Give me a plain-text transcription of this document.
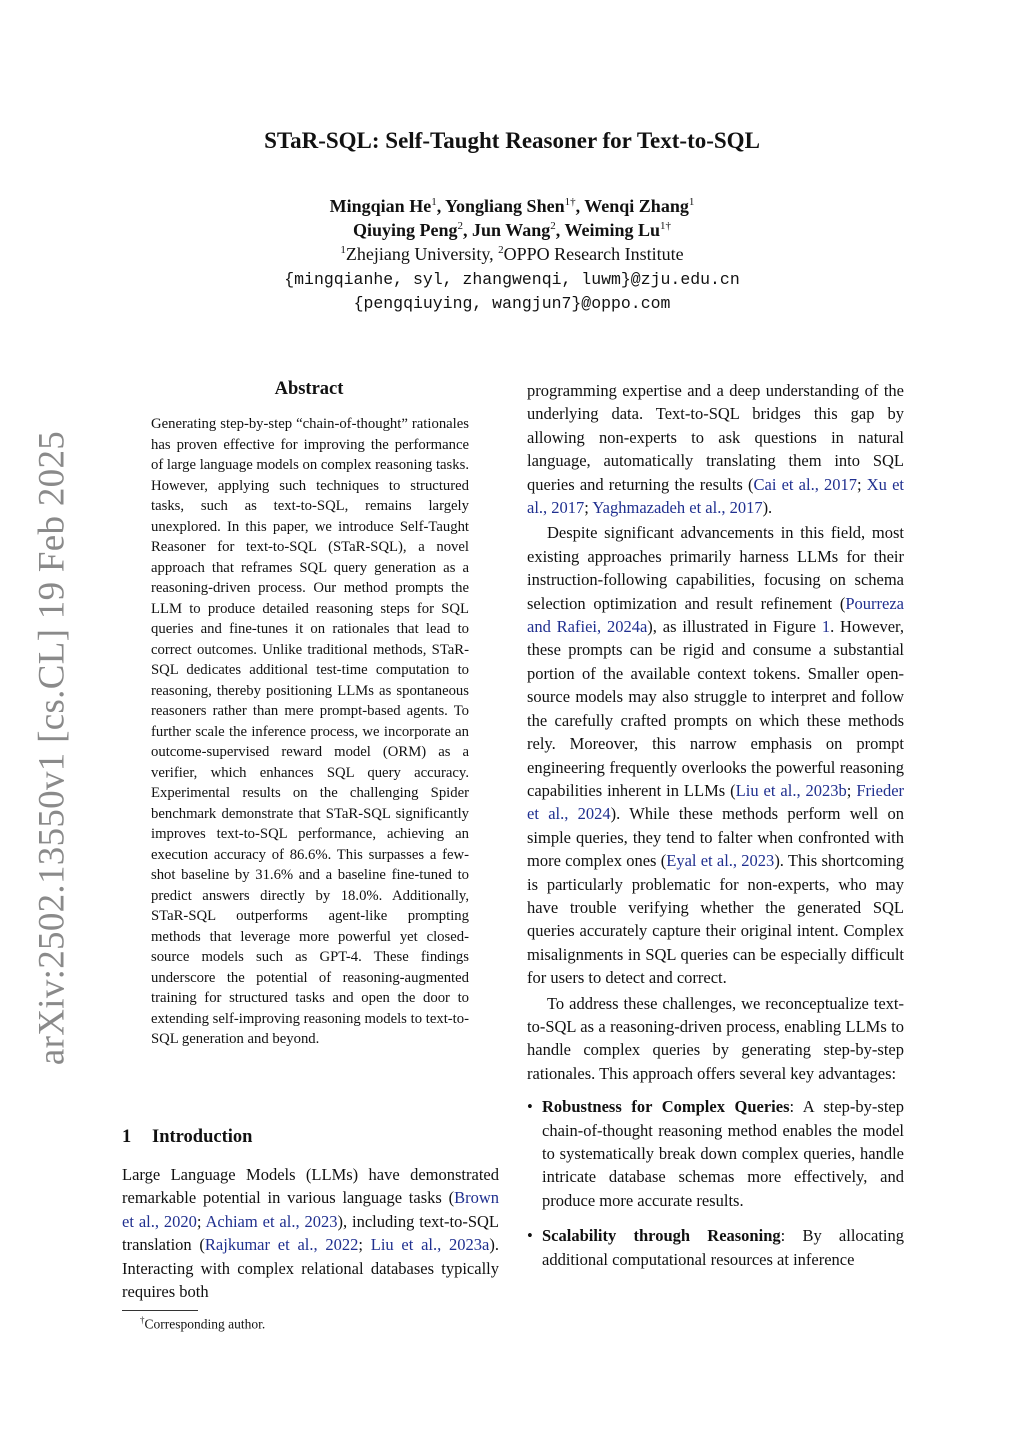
arXiv:2502.13550v1 [cs.CL] 19 Feb 2025
STaR-SQL: Self-Taught Reasoner for Text-to-SQL
Mingqian He$^1$, Yongliang Shen$^{1\dagger}$, Wenqi Zhang$^1$
Qiuying Peng$^2$, Jun Wang$^2$, Weiming $Lu^{1\dagger}$
$^1$Zhejiang University, $^2$OPPO Research Institute
{mingqianhe, syl, zhangwenqi, luwm}@zju.edu.cn
{pengqiuying, wangjun7}@oppo.com
Abstract
Generating step-by-step “chain-of-thought” rationales has proven effective for improving the performance of large language models on complex reasoning tasks. However, applying such techniques to structured tasks, such as text-to-SQL, remains largely unexplored. In this paper, we introduce Self-Taught Reasoner for text-to-SQL (STaR-SQL), a novel approach that reframes SQL query generation as a reasoning-driven process. Our method prompts the LLM to produce detailed reasoning steps for SQL queries and fine-tunes it on rationales that lead to correct outcomes. Unlike traditional methods, STaR-SQL dedicates additional test-time computation to reasoning, thereby positioning LLMs as spontaneous reasoners rather than mere prompt-based agents. To further scale the inference process, we incorporate an outcome-supervised reward model (ORM) as a verifier, which enhances SQL query accuracy. Experimental results on the challenging Spider benchmark demonstrate that STaR-SQL significantly improves text-to-SQL performance, achieving an execution accuracy of 86.6%. This surpasses a few-shot baseline by 31.6% and a baseline fine-tuned to predict answers directly by 18.0%. Additionally, STaR-SQL outperforms agent-like prompting methods that leverage more powerful yet closed-source models such as GPT-4. These findings underscore the potential of reasoning-augmented training for structured tasks and open the door to extending self-improving reasoning models to text-to-SQL generation and beyond.
1 Introduction
Large Language Models (LLMs) have demonstrated remarkable potential in various language tasks (Brown et al., 2020; Achiam et al., 2023), including text-to-SQL translation (Rajkumar et al., 2022; Liu et al., 2023a). Interacting with complex relational databases typically requires both
†Corresponding author.

programming expertise and a deep understanding of the underlying data. Text-to-SQL bridges this gap by allowing non-experts to ask questions in natural language, automatically translating them into SQL queries and returning the results (Cai et al., 2017; Xu et al., 2017; Yaghmazadeh et al., 2017).

Despite significant advancements in this field, most existing approaches primarily harness LLMs for their instruction-following capabilities, focusing on schema selection optimization and result refinement (Pourreza and Rafiei, 2024a), as illustrated in Figure 1. However, these prompts can be rigid and consume a substantial portion of the available context tokens. Smaller open-source models may also struggle to interpret and follow the carefully crafted prompts on which these methods rely. Moreover, this narrow emphasis on prompt engineering frequently overlooks the powerful reasoning capabilities inherent in LLMs (Liu et al., 2023b; Frieder et al., 2024). While these methods perform well on simple queries, they tend to falter when confronted with more complex ones (Eyal et al., 2023). This shortcoming is particularly problematic for non-experts, who may have trouble verifying whether the generated SQL queries accurately capture their original intent. Complex misalignments in SQL queries can be especially difficult for users to detect and correct.

To address these challenges, we reconceptualize text-to-SQL as a reasoning-driven process, enabling LLMs to handle complex queries by generating step-by-step rationales. This approach offers several key advantages:

• Robustness for Complex Queries: A step-by-step chain-of-thought reasoning method enables the model to systematically break down complex queries, handle intricate database schemas more effectively, and produce more accurate results.
• Scalability through Reasoning: By allocating additional computational resources at inference
